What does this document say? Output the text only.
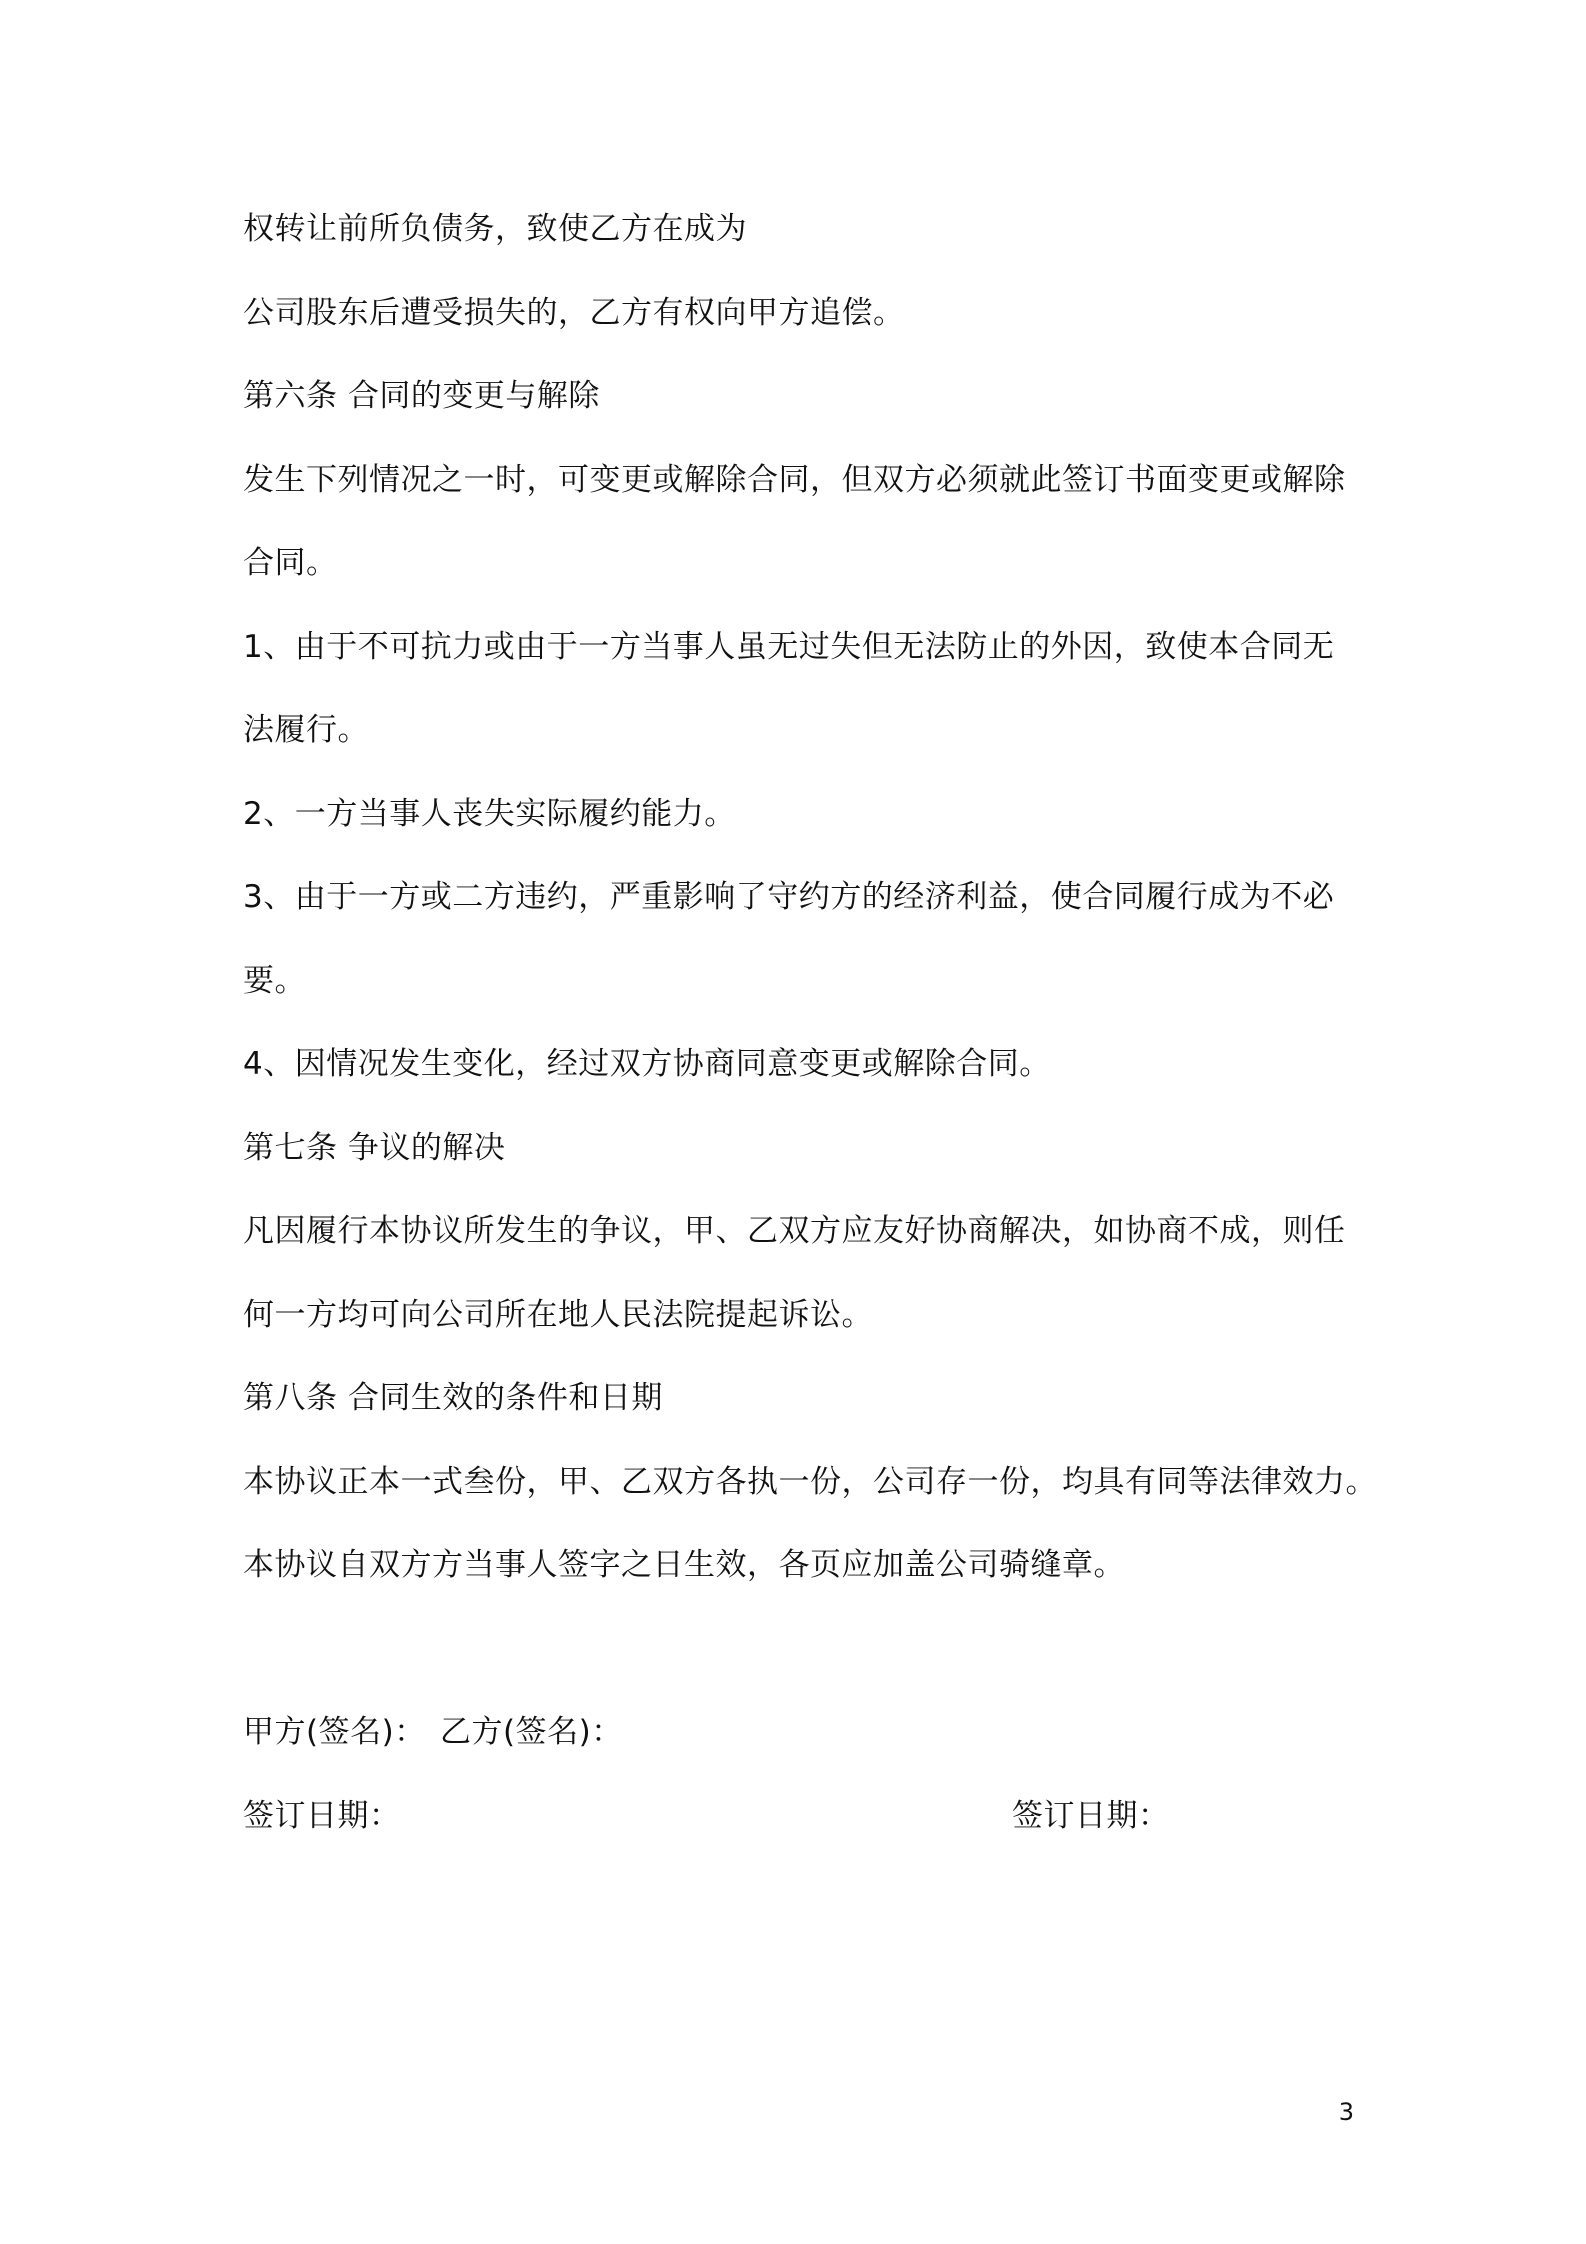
权转让前所负债务，致使乙方在成为
公司股东后遭受损失的，乙方有权向甲方追偿。
第六条 合同的变更与解除
发生下列情况之一时，可变更或解除合同，但双方必须就此签订书面变更或解除
合同。
1、由于不可抗力或由于一方当事人虽无过失但无法防止的外因，致使本合同无
法履行。
2、一方当事人丧失实际履约能力。
3、由于一方或二方违约，严重影响了守约方的经济利益，使合同履行成为不必
要。
4、因情况发生变化，经过双方协商同意变更或解除合同。
第七条 争议的解决
凡因履行本协议所发生的争议，甲、乙双方应友好协商解决，如协商不成，则任
何一方均可向公司所在地人民法院提起诉讼。
第八条 合同生效的条件和日期
本协议正本一式叁份，甲、乙双方各执一份，公司存一份，均具有同等法律效力。
本协议自双方方当事人签字之日生效，各页应加盖公司骑缝章。
甲方(签名)： 乙方(签名)：
签订日期：	签订日期：
3
